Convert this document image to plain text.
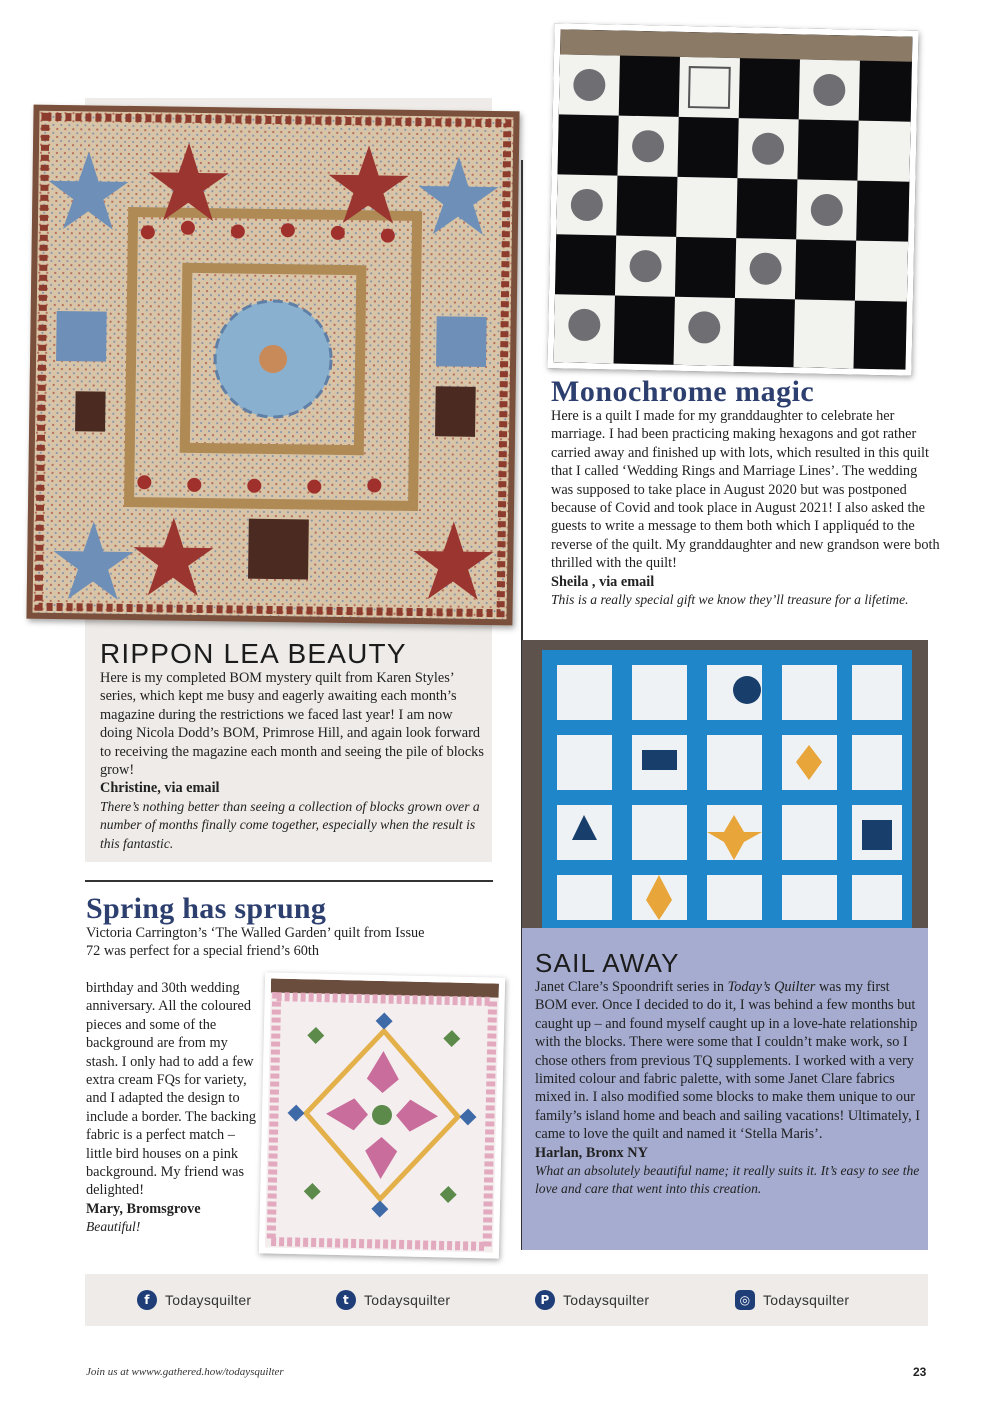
RIPPON LEA BEAUTY

Here is my completed BOM mystery quilt from Karen Styles’ series, which kept me busy and eagerly awaiting each month’s magazine during the restrictions we faced last year! I am now doing Nicola Dodd’s BOM, Primrose Hill, and again look forward to receiving the magazine each month and seeing the pile of blocks grow!

Christine, via email

There’s nothing better than seeing a collection of blocks grown over a number of months finally come together, especially when the result is this fantastic.

Monochrome magic

Here is a quilt I made for my granddaughter to celebrate her marriage. I had been practicing making hexagons and got rather carried away and finished up with lots, which resulted in this quilt that I called ‘Wedding Rings and Marriage Lines’. The wedding was supposed to take place in August 2020 but was postponed because of Covid and took place in August 2021! I also asked the guests to write a message to them both which I appliquéd to the reverse of the quilt. My granddaughter and new grandson were both thrilled with the quilt!

Sheila , via email

This is a really special gift we know they’ll treasure for a lifetime.

SAIL AWAY

Janet Clare’s Spoondrift series in Today’s Quilter was my first BOM ever. Once I decided to do it, I was behind a few months but caught up – and found myself caught up in a love-hate relationship with the blocks. There were some that I couldn’t make work, so I chose others from previous TQ supplements. I worked with a very limited colour and fabric palette, with some Janet Clare fabrics mixed in. I also modified some blocks to make them unique to our family’s island home and beach and sailing vacations! Ultimately, I came to love the quilt and named it ‘Stella Maris’.

Harlan, Bronx NY

What an absolutely beautiful name; it really suits it. It’s easy to see the love and care that went into this creation.

Spring has sprung

Victoria Carrington’s ‘The Walled Garden’ quilt from Issue 72 was perfect for a special friend’s 60th

birthday and 30th wedding anniversary. All the coloured pieces and some of the background are from my stash. I only had to add a few extra cream FQs for variety, and I adapted the design to include a border. The backing fabric is a perfect match – little bird houses on a pink background. My friend was delighted!

Mary, Bromsgrove

Beautiful!

f	Todaysquilter	t	Todaysquilter	P Todaysquilter	◎ Todaysquilter
Join us at wwww.gathered.how/todaysquilter	23
